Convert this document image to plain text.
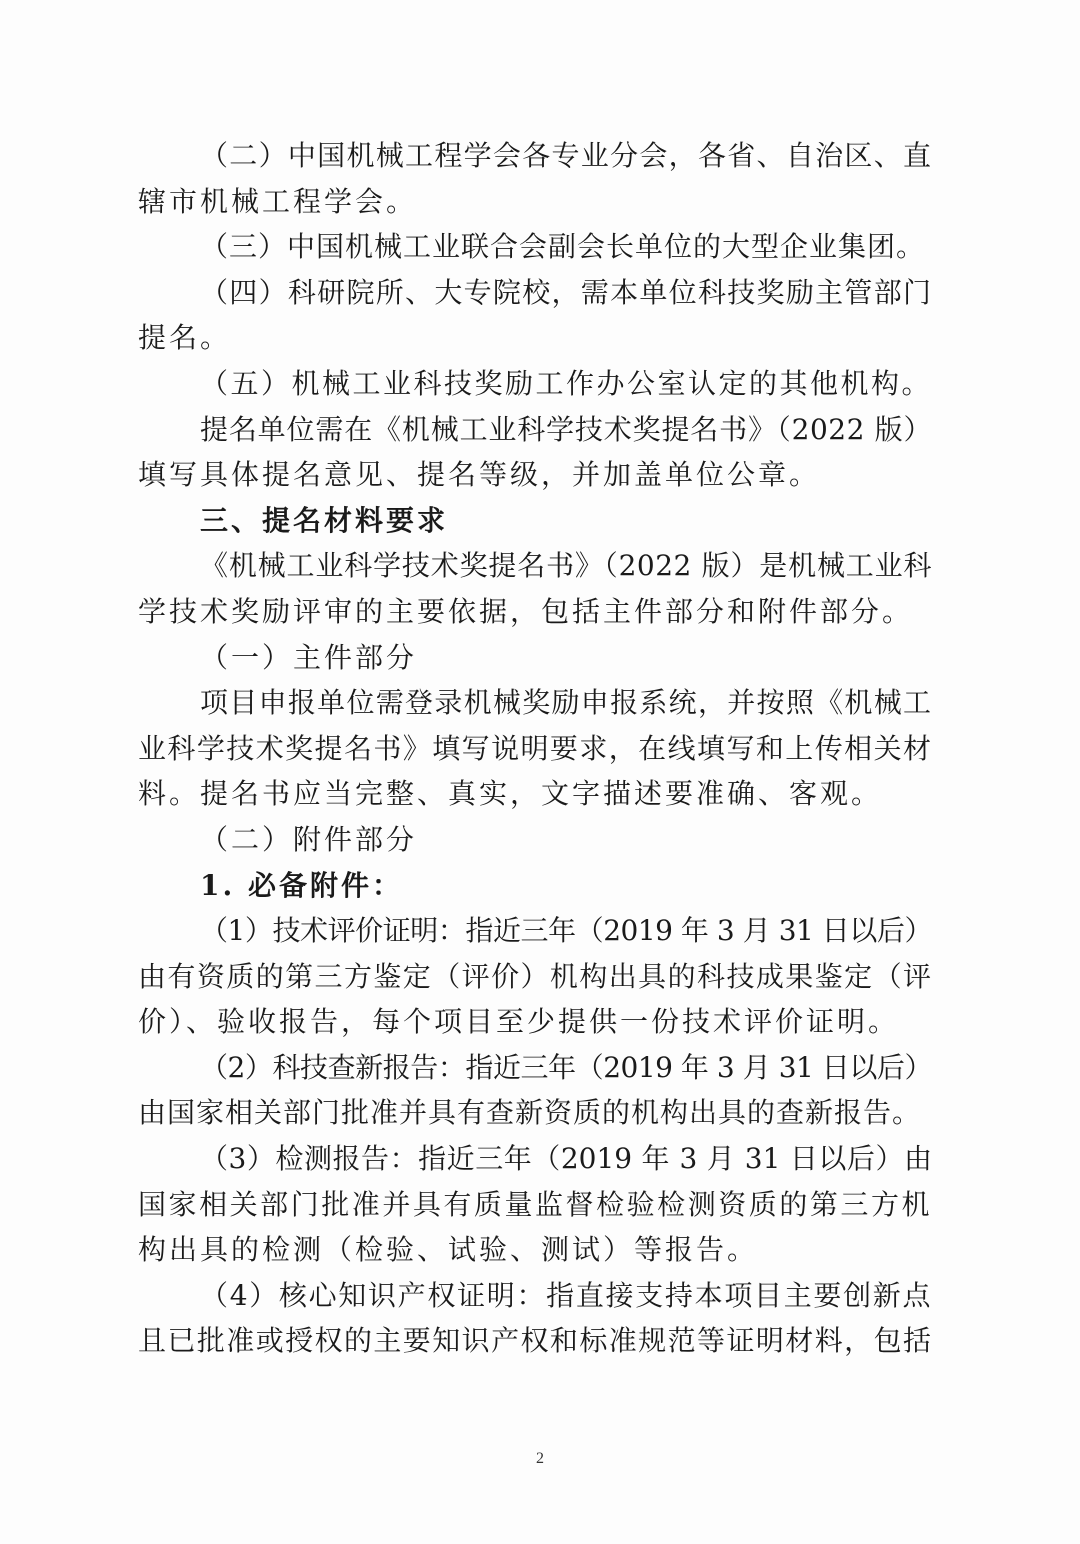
（二）中国机械工程学会各专业分会，各省、自治区、直
辖市机械工程学会。
（三）中国机械工业联合会副会长单位的大型企业集团。
（四）科研院所、大专院校，需本单位科技奖励主管部门
提名。
（五）机械工业科技奖励工作办公室认定的其他机构。
提名单位需在《机械工业科学技术奖提名书》（2022 版）
填写具体提名意见、提名等级，并加盖单位公章。
三、提名材料要求
《机械工业科学技术奖提名书》（2022 版）是机械工业科
学技术奖励评审的主要依据，包括主件部分和附件部分。
（一）主件部分
项目申报单位需登录机械奖励申报系统，并按照《机械工
业科学技术奖提名书》填写说明要求，在线填写和上传相关材
料。提名书应当完整、真实，文字描述要准确、客观。
（二）附件部分
1. 必备附件：
（1）技术评价证明：指近三年（2019 年 3 月 31 日以后）
由有资质的第三方鉴定（评价）机构出具的科技成果鉴定（评
价）、验收报告，每个项目至少提供一份技术评价证明。
（2）科技查新报告：指近三年（2019 年 3 月 31 日以后）
由国家相关部门批准并具有查新资质的机构出具的查新报告。
（3）检测报告：指近三年（2019 年 3 月 31 日以后）由
国家相关部门批准并具有质量监督检验检测资质的第三方机
构出具的检测（检验、试验、测试）等报告。
（4）核心知识产权证明：指直接支持本项目主要创新点
且已批准或授权的主要知识产权和标准规范等证明材料，包括
2
